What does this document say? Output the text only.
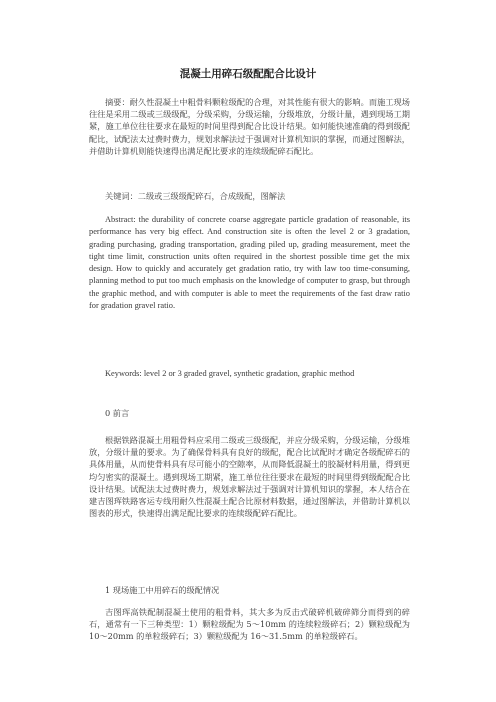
混凝土用碎石级配配合比设计

摘要：耐久性混凝土中粗骨料颗粒级配的合理，对其性能有很大的影响。而施工现场往往是采用二级或三级级配，分级采购，分级运输，分级堆放，分级计量，遇到现场工期紧，施工单位往往要求在最短的时间里得到配合比设计结果。如何能快速准确的得到级配配比，试配法太过费时费力，规划求解法过于强调对计算机知识的掌握，而通过图解法，并借助计算机则能快速得出满足配比要求的连续级配碎石配比。

关键词：二级或三级级配碎石，合成级配，图解法

Abstract: the durability of concrete coarse aggregate particle gradation of reasonable, its performance has very big effect. And construction site is often the level 2 or 3 gradation, grading purchasing, grading transportation, grading piled up, grading measurement, meet the tight time limit, construction units often required in the shortest possible time get the mix design. How to quickly and accurately get gradation ratio, try with law too time-consuming, planning method to put too much emphasis on the knowledge of computer to grasp, but through the graphic method, and with computer is able to meet the requirements of the fast draw ratio for gradation gravel ratio.

Keywords: level 2 or 3 graded gravel, synthetic gradation, graphic method

0 前言

根据铁路混凝土用粗骨料应采用二级或三级级配，并应分级采购，分级运输，分级堆放，分级计量的要求。为了确保骨料具有良好的级配，配合比试配时才确定各级配碎石的具体用量，从而使骨料具有尽可能小的空隙率，从而降低混凝土的胶凝材料用量，得到更均匀密实的混凝土。遇到现场工期紧，施工单位往往要求在最短的时间里得到级配配合比设计结果。试配法太过费时费力，规划求解法过于强调对计算机知识的掌握，本人结合在建吉图珲铁路客运专线用耐久性混凝土配合比原材料数据，通过图解法，并借助计算机以图表的形式，快速得出满足配比要求的连续级配碎石配比。

1 现场施工中用碎石的级配情况

吉图珲高铁配制混凝土使用的粗骨料，其大多为反击式破碎机破碎筛分而得到的碎石，通常有一下三种类型：1）颗粒级配为 5～10mm 的连续粒级碎石；2）颗粒级配为 10～20mm 的单粒级碎石；3）颗粒级配为 16～31.5mm 的单粒级碎石。
